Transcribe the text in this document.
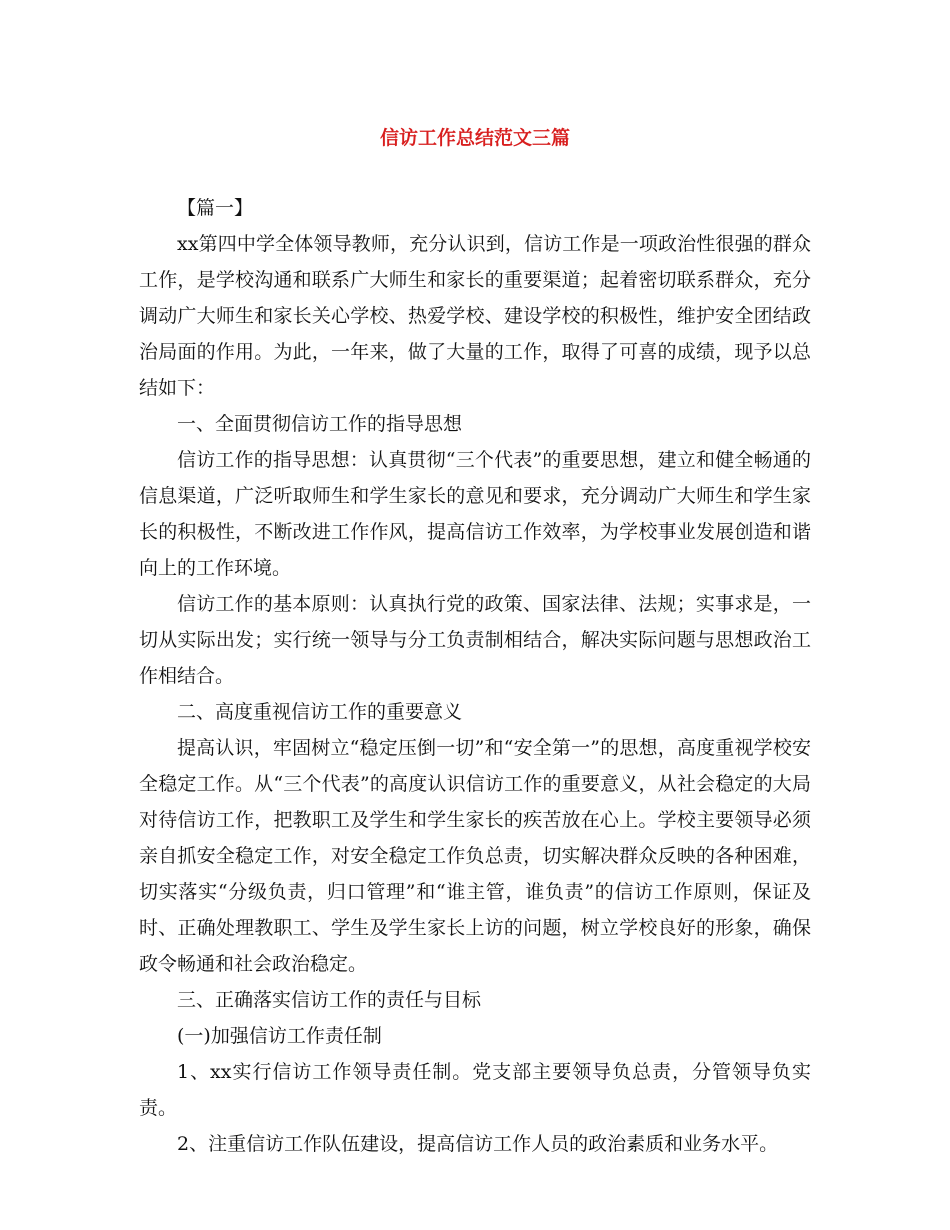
信访工作总结范文三篇

【篇一】

xx第四中学全体领导教师，充分认识到，信访工作是一项政治性很强的群众工作，是学校沟通和联系广大师生和家长的重要渠道；起着密切联系群众，充分调动广大师生和家长关心学校、热爱学校、建设学校的积极性，维护安全团结政治局面的作用。为此，一年来，做了大量的工作，取得了可喜的成绩，现予以总结如下：

一、全面贯彻信访工作的指导思想

信访工作的指导思想：认真贯彻“三个代表”的重要思想，建立和健全畅通的信息渠道，广泛听取师生和学生家长的意见和要求，充分调动广大师生和学生家长的积极性，不断改进工作作风，提高信访工作效率，为学校事业发展创造和谐向上的工作环境。

信访工作的基本原则：认真执行党的政策、国家法律、法规；实事求是，一切从实际出发；实行统一领导与分工负责制相结合，解决实际问题与思想政治工作相结合。

二、高度重视信访工作的重要意义

提高认识，牢固树立“稳定压倒一切”和“安全第一”的思想，高度重视学校安全稳定工作。从“三个代表”的高度认识信访工作的重要意义，从社会稳定的大局对待信访工作，把教职工及学生和学生家长的疾苦放在心上。学校主要领导必须亲自抓安全稳定工作，对安全稳定工作负总责，切实解决群众反映的各种困难，切实落实“分级负责，归口管理”和“谁主管，谁负责”的信访工作原则，保证及时、正确处理教职工、学生及学生家长上访的问题，树立学校良好的形象，确保政令畅通和社会政治稳定。

三、正确落实信访工作的责任与目标

(一)加强信访工作责任制

1、xx实行信访工作领导责任制。党支部主要领导负总责，分管领导负实责。

2、注重信访工作队伍建设，提高信访工作人员的政治素质和业务水平。
